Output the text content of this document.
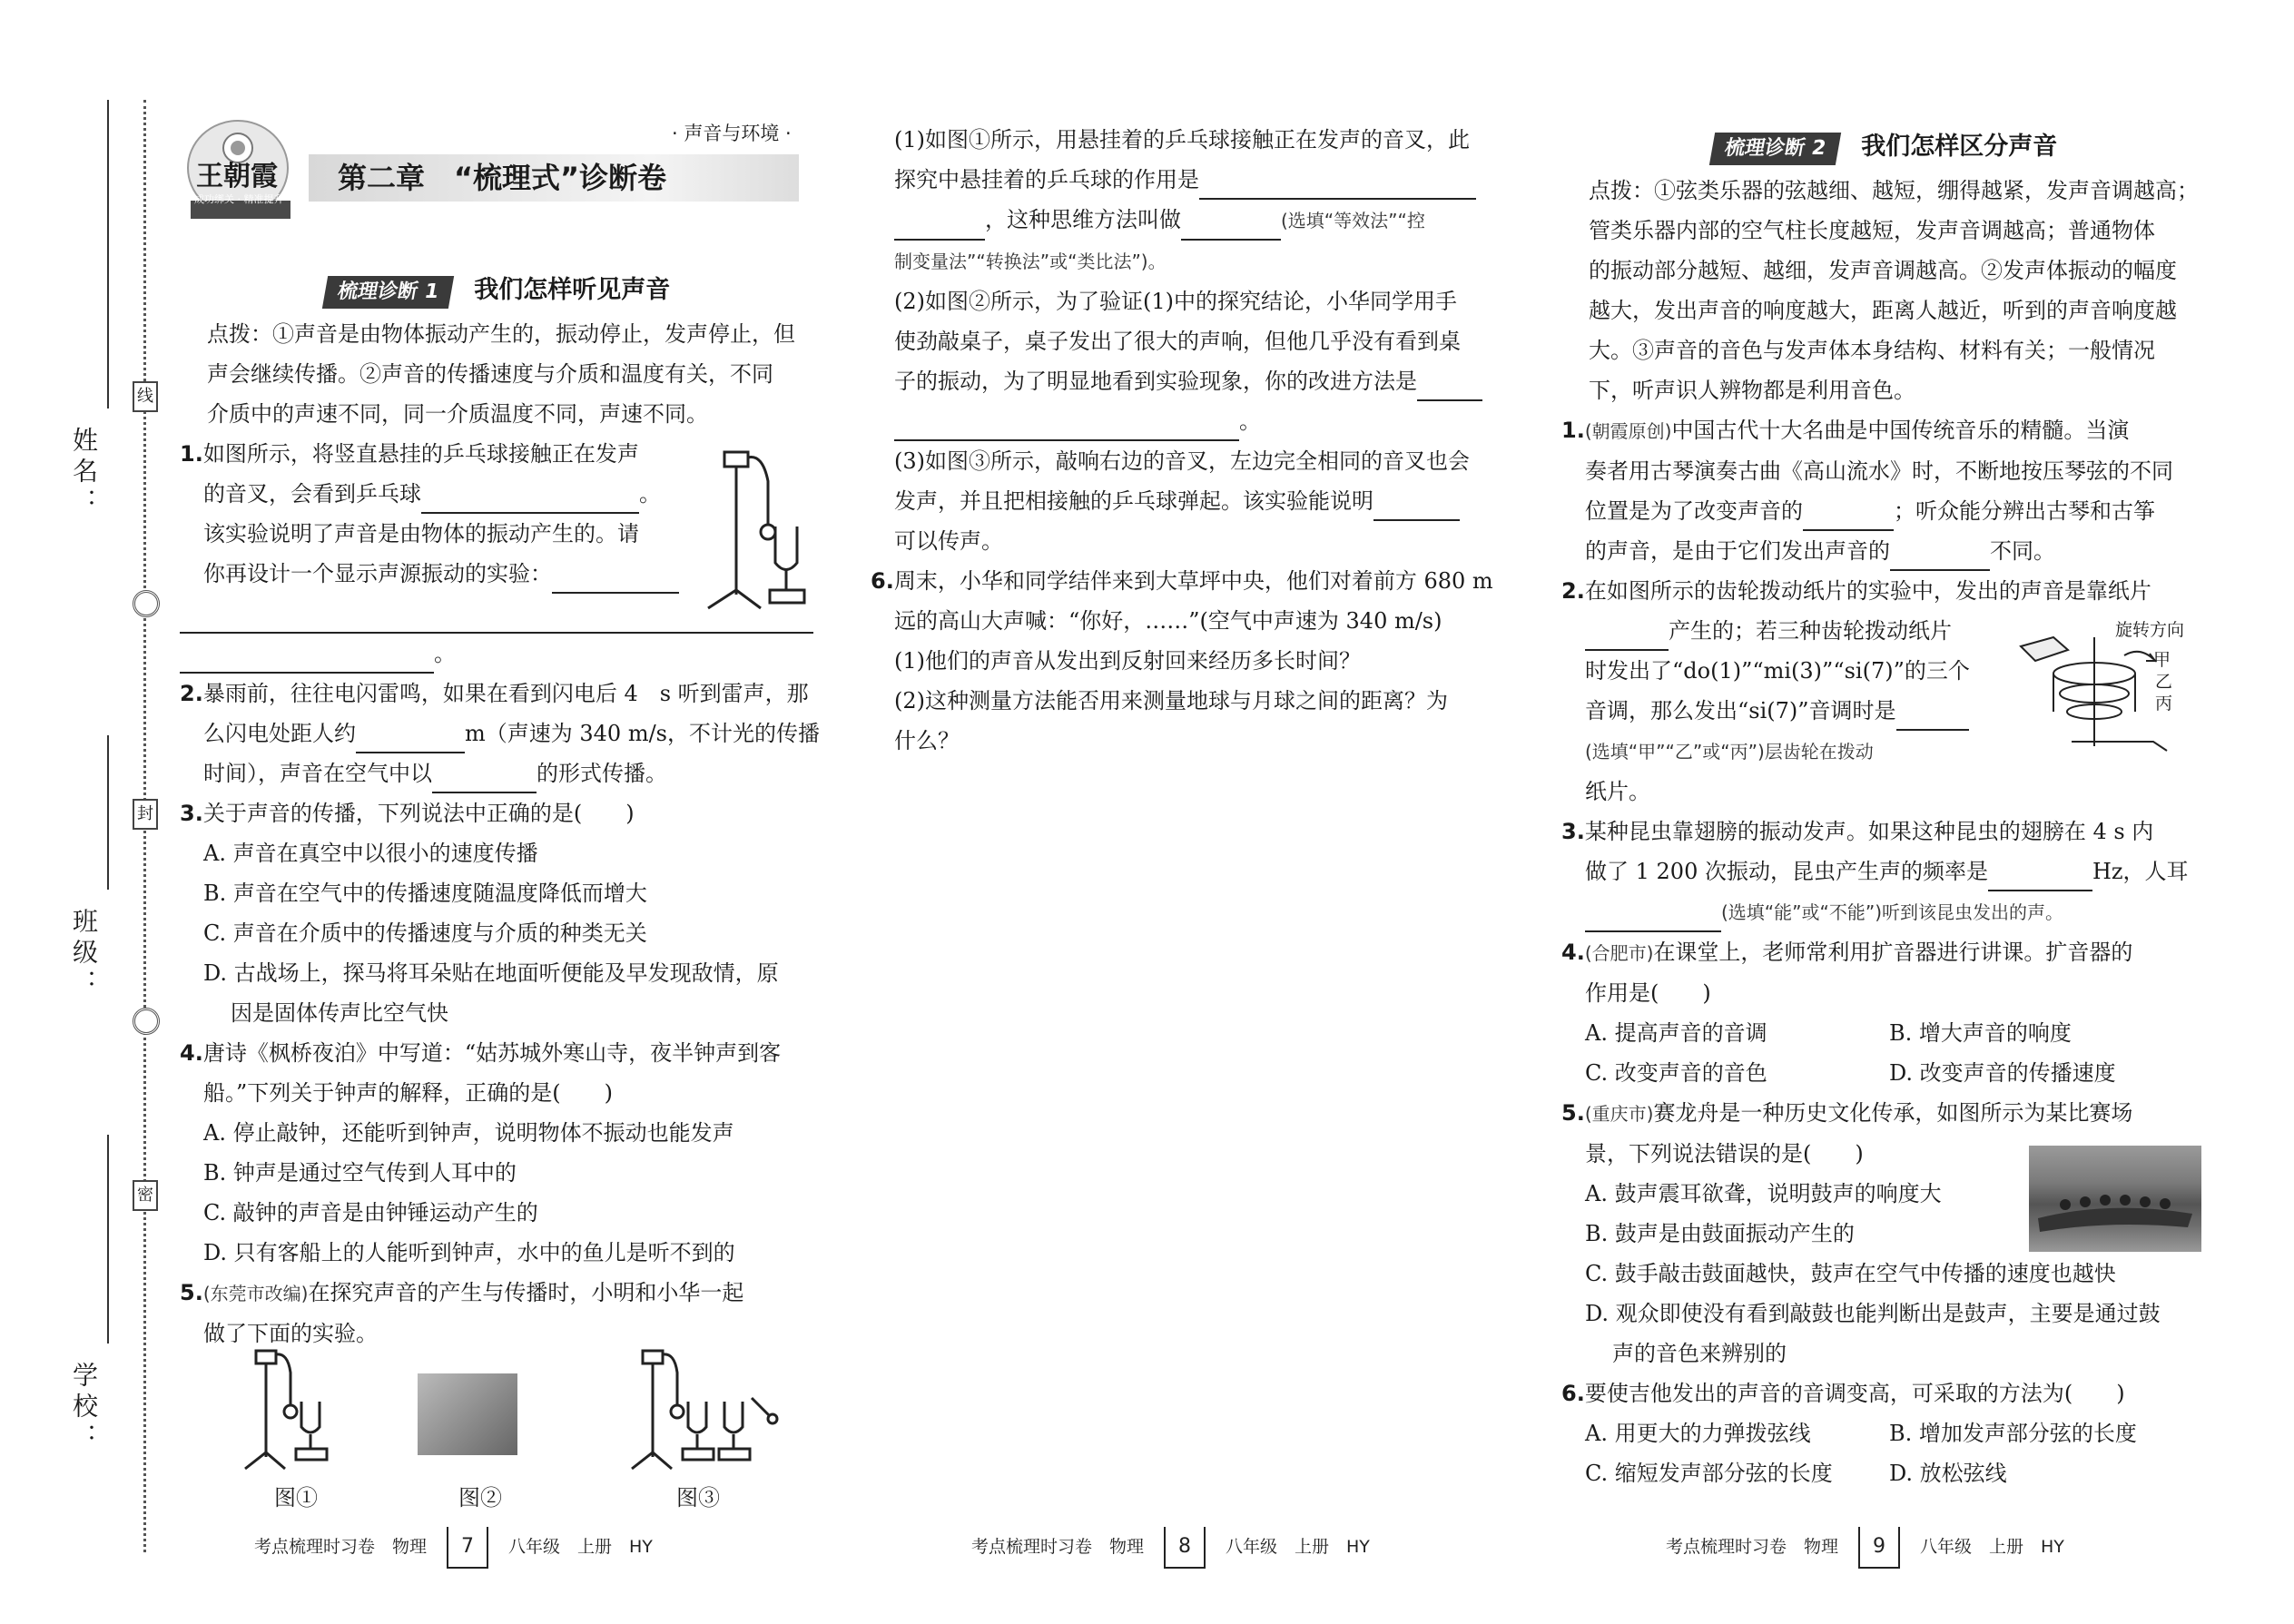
姓名：
班级：
学校：
线
封
密
王朝霞
成功绑关 · 精准提升
· 声音与环境 ·
第二章　“梳理式”诊断卷
梳理诊断 1 我们怎样听见声音

点拨：①声音是由物体振动产生的，振动停止，发声停止，但

声会继续传播。②声音的传播速度与介质和温度有关，不同

介质中的声速不同，同一介质温度不同，声速不同。

1.如图所示，将竖直悬挂的乒乓球接触正在发声

的音叉，会看到乒乓球	。

该实验说明了声音是由物体的振动产生的。请

你再设计一个显示声源振动的实验：

。

2.暴雨前，往往电闪雷鸣，如果在看到闪电后 4　s 听到雷声，那

么闪电处距人约	m（声速为 340 m/s，不计光的传播

时间），声音在空气中以	的形式传播。

3.关于声音的传播，下列说法中正确的是(　　)

A. 声音在真空中以很小的速度传播

B. 声音在空气中的传播速度随温度降低而增大

C. 声音在介质中的传播速度与介质的种类无关

D. 古战场上，探马将耳朵贴在地面听便能及早发现敌情，原

因是固体传声比空气快

4.唐诗《枫桥夜泊》中写道：“姑苏城外寒山寺，夜半钟声到客

船。”下列关于钟声的解释，正确的是(　　)

A. 停止敲钟，还能听到钟声，说明物体不振动也能发声

B. 钟声是通过空气传到人耳中的

C. 敲钟的声音是由钟锤运动产生的

D. 只有客船上的人能听到钟声，水中的鱼儿是听不到的

5.(东莞市改编)在探究声音的产生与传播时，小明和小华一起

做了下面的实验。

图①	图②	图③

(1)如图①所示，用悬挂着的乒乓球接触正在发声的音叉，此

探究中悬挂着的乒乓球的作用是

，这种思维方法叫做	(选填“等效法”“控

制变量法”“转换法”或“类比法”)。

(2)如图②所示，为了验证(1)中的探究结论，小华同学用手

使劲敲桌子，桌子发出了很大的声响，但他几乎没有看到桌

子的振动，为了明显地看到实验现象，你的改进方法是

。

(3)如图③所示，敲响右边的音叉，左边完全相同的音叉也会

发声，并且把相接触的乒乓球弹起。该实验能说明

可以传声。

6.周末，小华和同学结伴来到大草坪中央，他们对着前方 680 m

远的高山大声喊：“你好，……”(空气中声速为 340 m/s)

(1)他们的声音从发出到反射回来经历多长时间？

(2)这种测量方法能否用来测量地球与月球之间的距离？为

什么？

梳理诊断 2 我们怎样区分声音

点拨：①弦类乐器的弦越细、越短，绷得越紧，发声音调越高；

管类乐器内部的空气柱长度越短，发声音调越高；普通物体

的振动部分越短、越细，发声音调越高。②发声体振动的幅度

越大，发出声音的响度越大，距离人越近，听到的声音响度越

大。③声音的音色与发声体本身结构、材料有关；一般情况

下，听声识人辨物都是利用音色。

1.(朝霞原创)中国古代十大名曲是中国传统音乐的精髓。当演

奏者用古琴演奏古曲《高山流水》时，不断地按压琴弦的不同

位置是为了改变声音的	；听众能分辨出古琴和古筝

的声音，是由于它们发出声音的	不同。

2.在如图所示的齿轮拨动纸片的实验中，发出的声音是靠纸片

产生的；若三种齿轮拨动纸片

时发出了“do(1)”“mi(3)”“si(7)”的三个

音调，那么发出“si(7)”音调时是

(选填“甲”“乙”或“丙”)层齿轮在拨动

纸片。

3.某种昆虫靠翅膀的振动发声。如果这种昆虫的翅膀在 4 s 内

做了 1 200 次振动，昆虫产生声的频率是	Hz，人耳

(选填“能”或“不能”)听到该昆虫发出的声。

4.(合肥市)在课堂上，老师常利用扩音器进行讲课。扩音器的

作用是(　　)

A. 提高声音的音调	B. 增大声音的响度
C. 改变声音的音色	D. 改变声音的传播速度

5.(重庆市)赛龙舟是一种历史文化传承，如图所示为某比赛场

景，下列说法错误的是(　　)

A. 鼓声震耳欲聋，说明鼓声的响度大

B. 鼓声是由鼓面振动产生的

C. 鼓手敲击鼓面越快，鼓声在空气中传播的速度也越快

D. 观众即使没有看到敲鼓也能判断出是鼓声，主要是通过鼓

声的音色来辨别的

6.要使吉他发出的声音的音调变高，可采取的方法为(　　)

A. 用更大的力弹拨弦线	B. 增加发声部分弦的长度
C. 缩短发声部分弦的长度	D. 放松弦线
旋转方向
甲
乙
丙
考点梳理时习卷　物理 7 八年级　上册　HY	考点梳理时习卷　物理 8 八年级　上册　HY	考点梳理时习卷　物理 9 八年级　上册　HY
